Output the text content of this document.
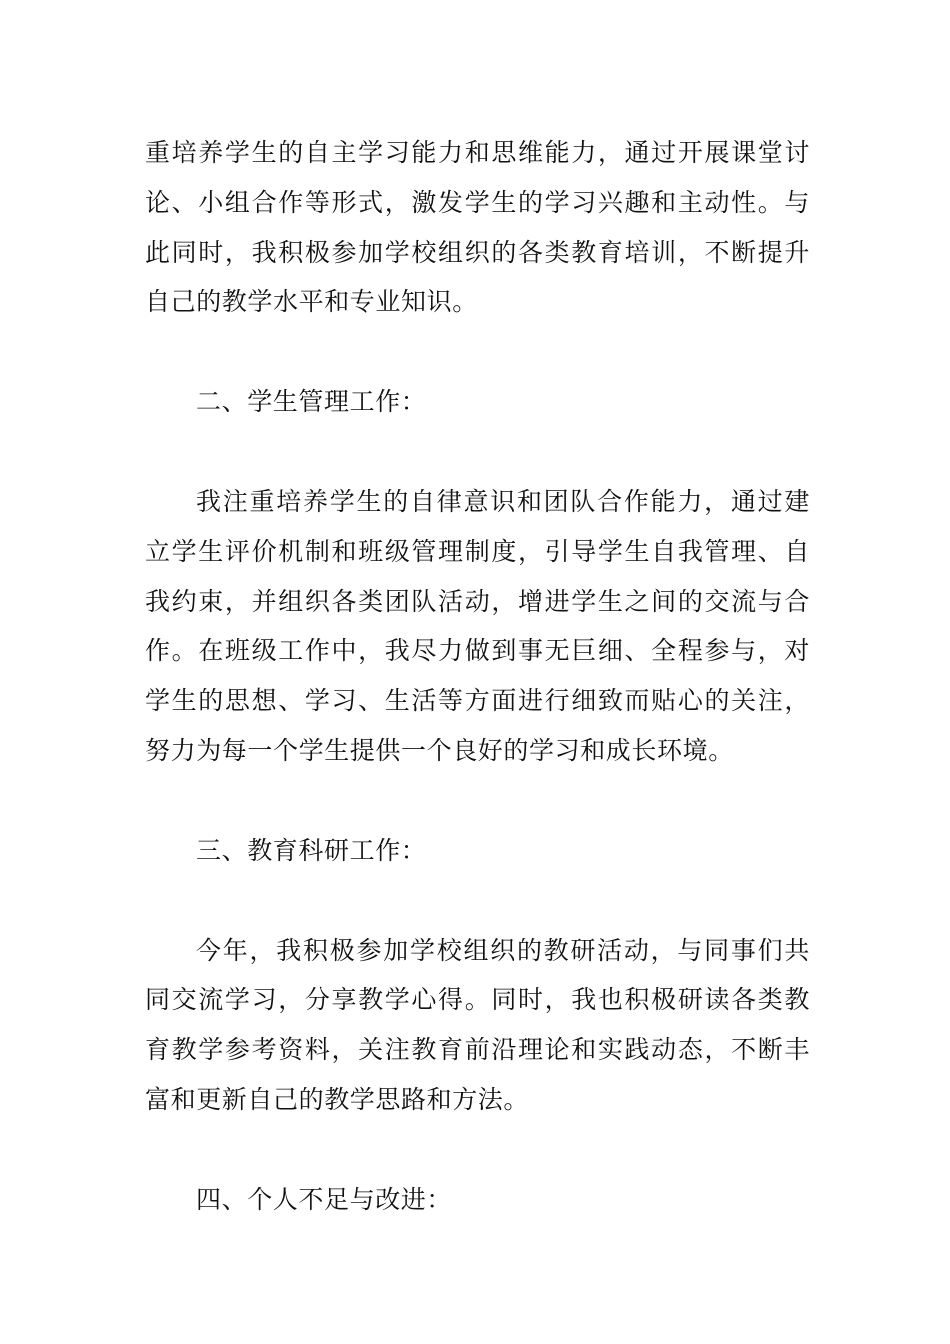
重培养学生的自主学习能力和思维能力，通过开展课堂讨论、小组合作等形式，激发学生的学习兴趣和主动性。与此同时，我积极参加学校组织的各类教育培训，不断提升自己的教学水平和专业知识。

二、学生管理工作：

我注重培养学生的自律意识和团队合作能力，通过建立学生评价机制和班级管理制度，引导学生自我管理、自我约束，并组织各类团队活动，增进学生之间的交流与合作。在班级工作中，我尽力做到事无巨细、全程参与，对学生的思想、学习、生活等方面进行细致而贴心的关注，努力为每一个学生提供一个良好的学习和成长环境。

三、教育科研工作：

今年，我积极参加学校组织的教研活动，与同事们共同交流学习，分享教学心得。同时，我也积极研读各类教育教学参考资料，关注教育前沿理论和实践动态，不断丰富和更新自己的教学思路和方法。

四、个人不足与改进：
